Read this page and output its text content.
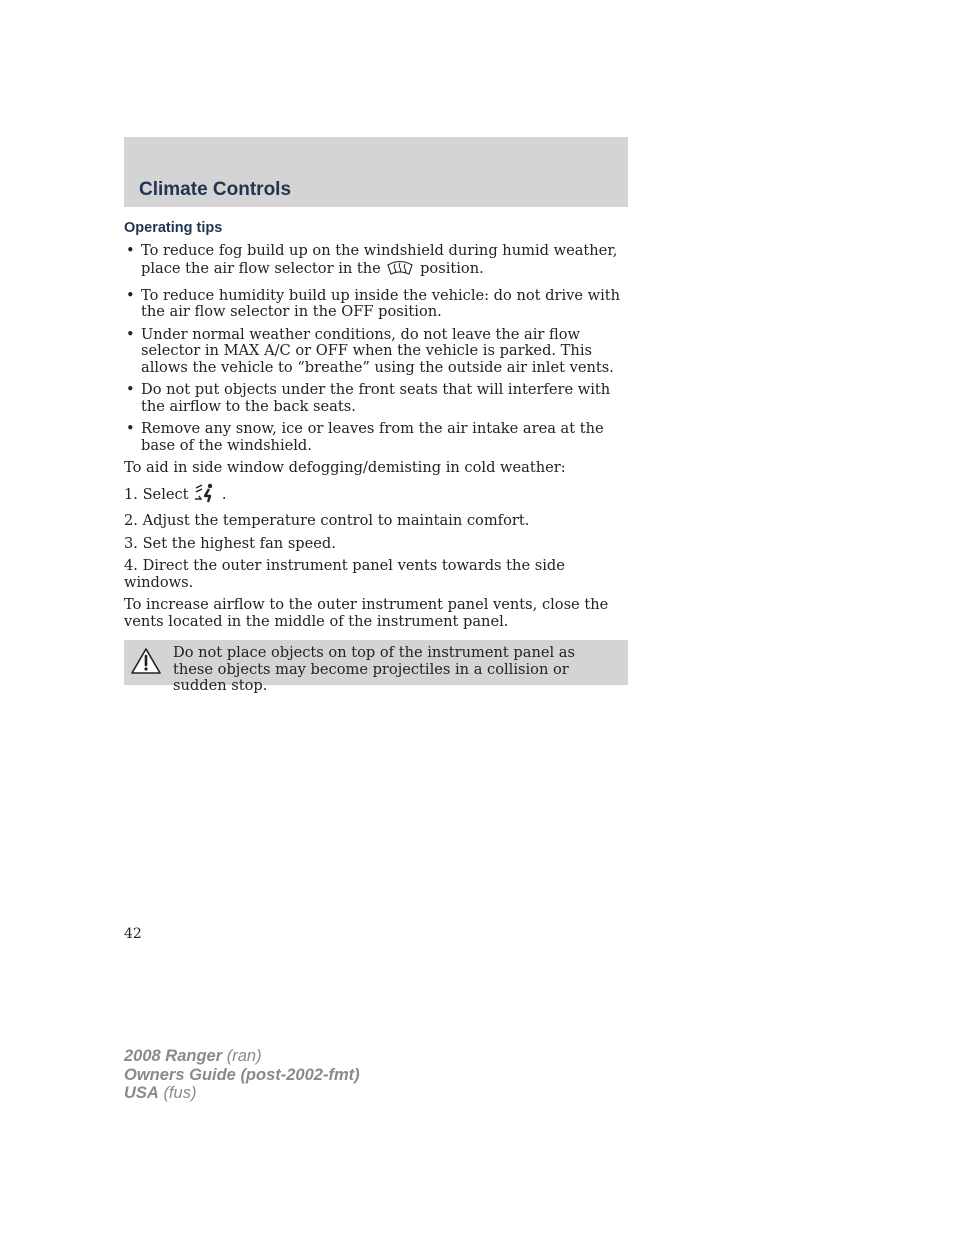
Climate Controls
Operating tips
• To reduce fog build up on the windshield during humid weather, place the air flow selector in the	position.
• To reduce humidity build up inside the vehicle: do not drive with the air flow selector in the OFF position.
• Under normal weather conditions, do not leave the air flow selector in MAX A/C or OFF when the vehicle is parked. This allows the vehicle to “breathe” using the outside air inlet vents.
• Do not put objects under the front seats that will interfere with the airflow to the back seats.
• Remove any snow, ice or leaves from the air intake area at the base of the windshield.

To aid in side window defogging/demisting in cold weather:

1. Select .
2. Adjust the temperature control to maintain comfort.
3. Set the highest fan speed.
4. Direct the outer instrument panel vents towards the side windows.

To increase airflow to the outer instrument panel vents, close the vents located in the middle of the instrument panel.

Do not place objects on top of the instrument panel as these objects may become projectiles in a collision or sudden stop.
42
2008 Ranger (ran)
Owners Guide (post-2002-fmt)
USA (fus)
